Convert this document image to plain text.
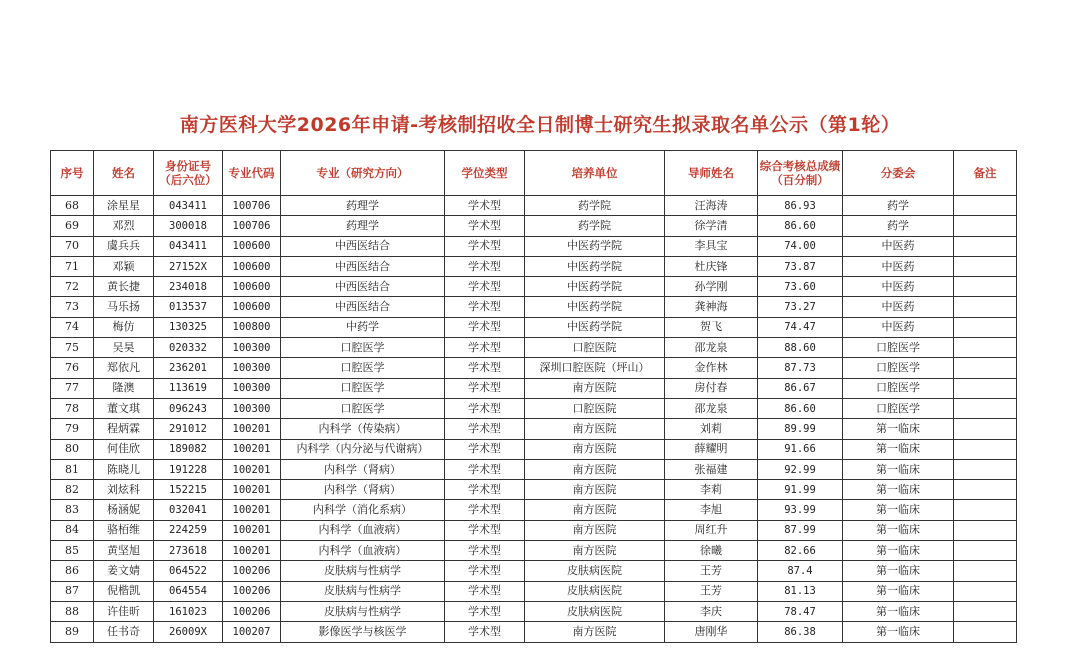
南方医科大学2026年申请-考核制招收全日制博士研究生拟录取名单公示（第1轮）
序号	姓名	身份证号（后六位）	专业代码	专业（研究方向）	学位类型	培养单位	导师姓名	综合考核总成绩（百分制）	分委会	备注
68	涂星星	043411	100706	药理学	学术型	药学院	汪海涛	86.93	药学	
69	邓烈	300018	100706	药理学	学术型	药学院	徐学清	86.60	药学	
70	虞兵兵	043411	100600	中西医结合	学术型	中医药学院	李具宝	74.00	中医药	
71	邓颖	27152X	100600	中西医结合	学术型	中医药学院	杜庆锋	73.87	中医药	
72	黄长捷	234018	100600	中西医结合	学术型	中医药学院	孙学刚	73.60	中医药	
73	马乐扬	013537	100600	中西医结合	学术型	中医药学院	龚神海	73.27	中医药	
74	梅仿	130325	100800	中药学	学术型	中医药学院	贺飞	74.47	中医药	
75	吴昊	020332	100300	口腔医学	学术型	口腔医院	邵龙泉	88.60	口腔医学	
76	郑依凡	236201	100300	口腔医学	学术型	深圳口腔医院（坪山）	金作林	87.73	口腔医学	
77	隆澳	113619	100300	口腔医学	学术型	南方医院	房付春	86.67	口腔医学	
78	董文琪	096243	100300	口腔医学	学术型	口腔医院	邵龙泉	86.60	口腔医学	
79	程炳霖	291012	100201	内科学（传染病）	学术型	南方医院	刘莉	89.99	第一临床	
80	何佳欣	189082	100201	内科学（内分泌与代谢病）	学术型	南方医院	薛耀明	91.66	第一临床	
81	陈晓儿	191228	100201	内科学（肾病）	学术型	南方医院	张福建	92.99	第一临床	
82	刘炫科	152215	100201	内科学（肾病）	学术型	南方医院	李莉	91.99	第一临床	
83	杨涵妮	032041	100201	内科学（消化系病）	学术型	南方医院	李旭	93.99	第一临床	
84	骆栢维	224259	100201	内科学（血液病）	学术型	南方医院	周红升	87.99	第一临床	
85	黄坚旭	273618	100201	内科学（血液病）	学术型	南方医院	徐曦	82.66	第一临床	
86	姜文婧	064522	100206	皮肤病与性病学	学术型	皮肤病医院	王芳	87.4	第一临床	
87	倪楷凯	064554	100206	皮肤病与性病学	学术型	皮肤病医院	王芳	81.13	第一临床	
88	许佳昕	161023	100206	皮肤病与性病学	学术型	皮肤病医院	李庆	78.47	第一临床	
89	任书奇	26009X	100207	影像医学与核医学	学术型	南方医院	唐刚华	86.38	第一临床	
